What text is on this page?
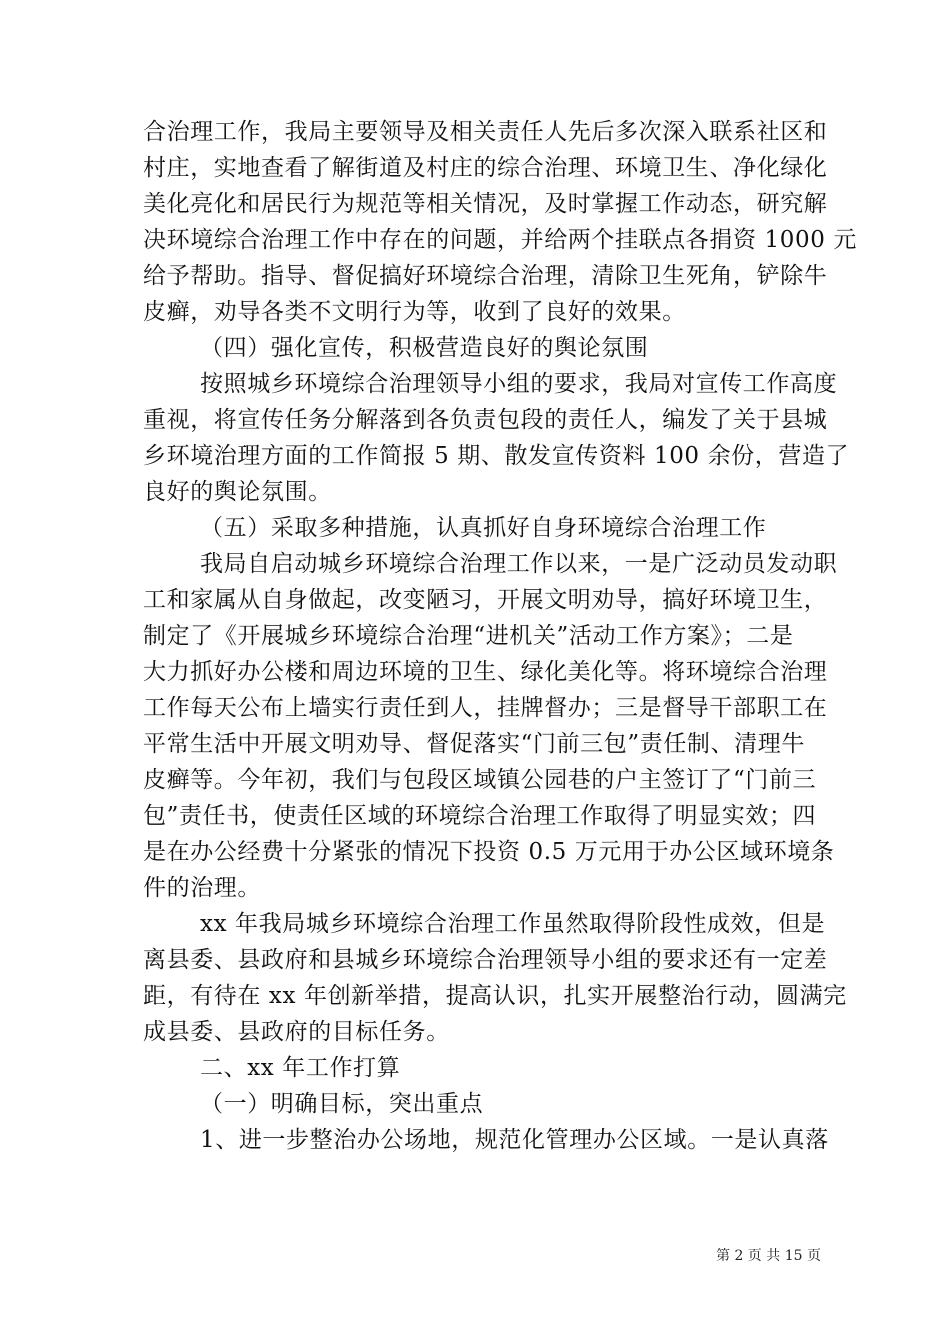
合治理工作，我局主要领导及相关责任人先后多次深入联系社区和
村庄，实地查看了解街道及村庄的综合治理、环境卫生、净化绿化
美化亮化和居民行为规范等相关情况，及时掌握工作动态，研究解
决环境综合治理工作中存在的问题，并给两个挂联点各捐资 1000 元
给予帮助。指导、督促搞好环境综合治理，清除卫生死角，铲除牛
皮癣，劝导各类不文明行为等，收到了良好的效果。
（四）强化宣传，积极营造良好的舆论氛围
按照城乡环境综合治理领导小组的要求，我局对宣传工作高度
重视，将宣传任务分解落到各负责包段的责任人，编发了关于县城
乡环境治理方面的工作简报 5 期、散发宣传资料 100 余份，营造了
良好的舆论氛围。
（五）采取多种措施，认真抓好自身环境综合治理工作
我局自启动城乡环境综合治理工作以来，一是广泛动员发动职
工和家属从自身做起，改变陋习，开展文明劝导，搞好环境卫生，
制定了《开展城乡环境综合治理“进机关”活动工作方案》；二是
大力抓好办公楼和周边环境的卫生、绿化美化等。将环境综合治理
工作每天公布上墙实行责任到人，挂牌督办；三是督导干部职工在
平常生活中开展文明劝导、督促落实“门前三包”责任制、清理牛
皮癣等。今年初，我们与包段区域镇公园巷的户主签订了“门前三
包”责任书，使责任区域的环境综合治理工作取得了明显实效；四
是在办公经费十分紧张的情况下投资 0.5 万元用于办公区域环境条
件的治理。
xx 年我局城乡环境综合治理工作虽然取得阶段性成效，但是
离县委、县政府和县城乡环境综合治理领导小组的要求还有一定差
距，有待在 xx 年创新举措，提高认识，扎实开展整治行动，圆满完
成县委、县政府的目标任务。
二、xx 年工作打算
（一）明确目标，突出重点
1、进一步整治办公场地，规范化管理办公区域。一是认真落
第 2 页 共 15 页
